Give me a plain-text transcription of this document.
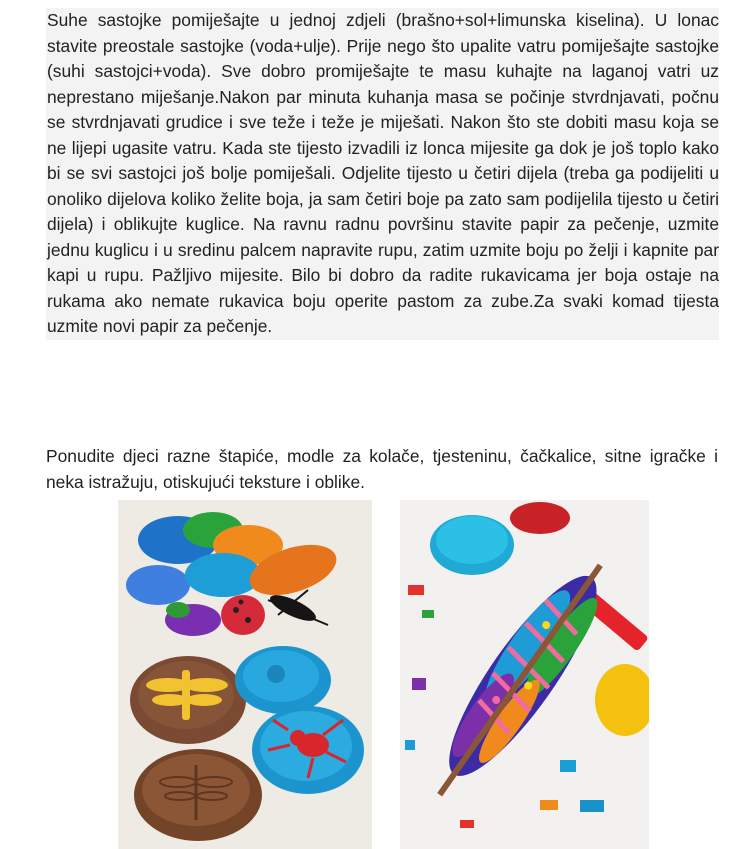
Suhe sastojke pomiješajte u jednoj zdjeli (brašno+sol+limunska kiselina). U lonac stavite preostale sastojke (voda+ulje). Prije nego što upalite vatru pomiješajte sastojke (suhi sastojci+voda). Sve dobro promiješajte te masu kuhajte na laganoj vatri uz neprestano miješanje.Nakon par minuta kuhanja masa se počinje stvrdnjavati, počnu se stvrdnjavati grudice i sve teže i teže je miješati. Nakon što ste dobiti masu koja se ne lijepi ugasite vatru. Kada ste tijesto izvadili iz lonca mijesite ga dok je još toplo kako bi se svi sastojci još bolje pomiješali. Odjelite tijesto u četiri dijela (treba ga podijeliti u onoliko dijelova koliko želite boja, ja sam četiri boje pa zato sam podijelila tijesto u četiri dijela) i oblikujte kuglice. Na ravnu radnu površinu stavite papir za pečenje, uzmite jednu kuglicu i u sredinu palcem napravite rupu, zatim uzmite boju po želji i kapnite par kapi u rupu. Pažljivo mijesite. Bilo bi dobro da radite rukavicama jer boja ostaje na rukama ako nemate rukavica boju operite pastom za zube.Za svaki komad tijesta uzmite novi papir za pečenje.

Ponudite djeci razne štapiće, modle za kolače, tjesteninu, čačkalice, sitne igračke i neka istražuju, otiskujući teksture i oblike.
